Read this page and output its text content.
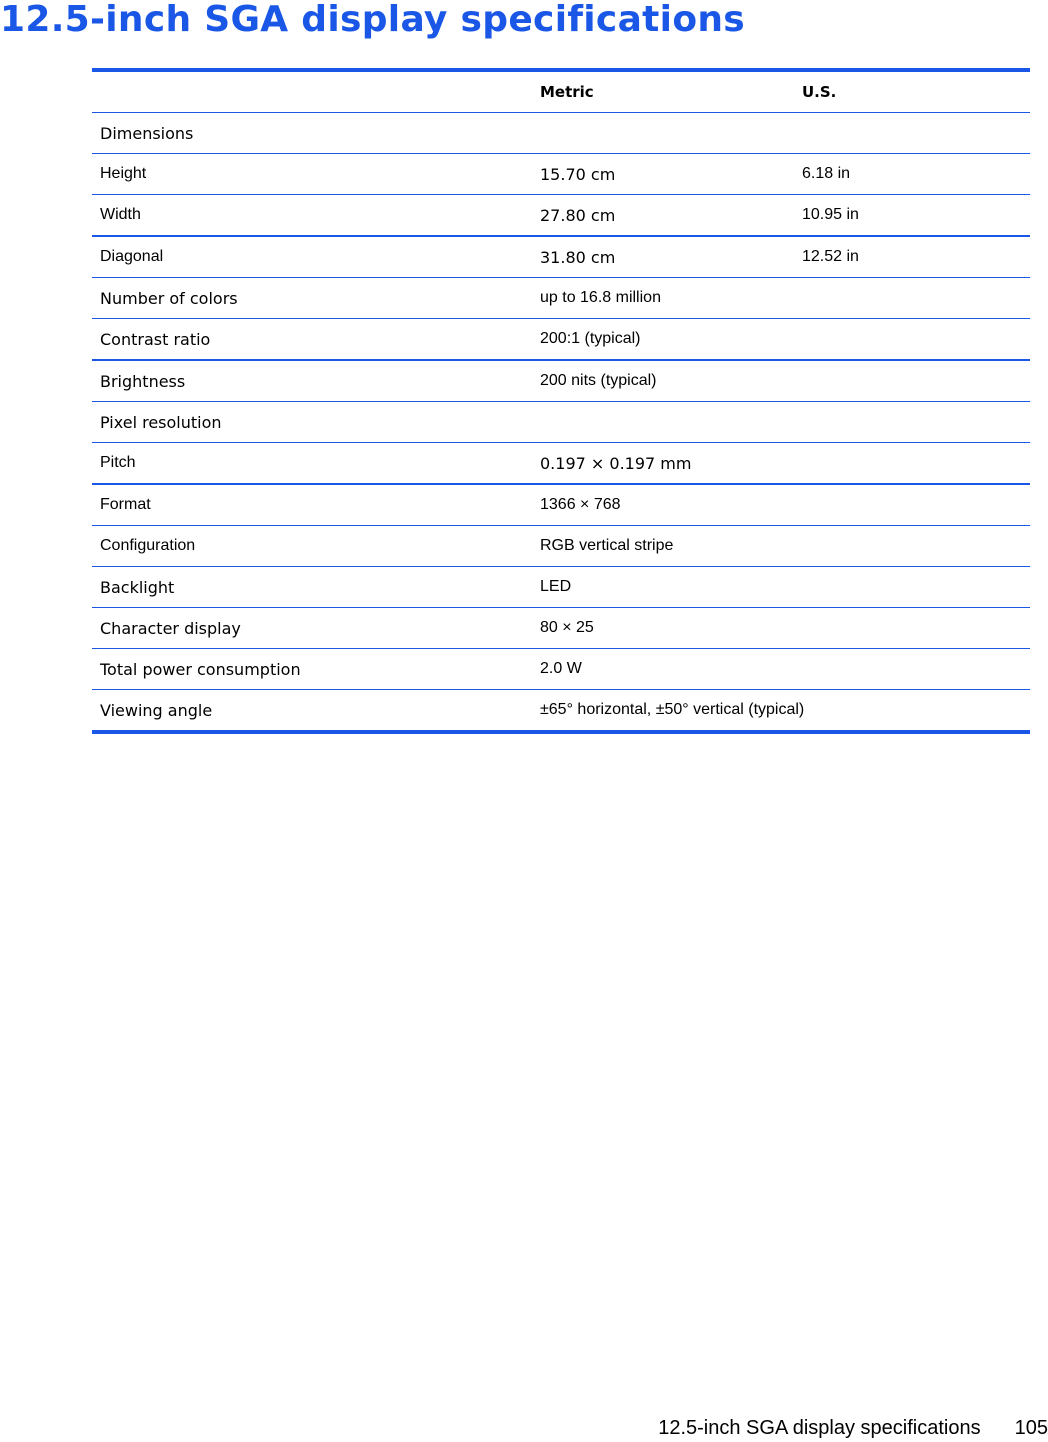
12.5-inch SGA display specifications
	Metric	U.S.
Dimensions		
Height	15.70 cm	6.18 in
Width	27.80 cm	10.95 in
Diagonal	31.80 cm	12.52 in
Number of colors	up to 16.8 million	
Contrast ratio	200:1 (typical)	
Brightness	200 nits (typical)	
Pixel resolution		
Pitch	0.197 × 0.197 mm	
Format	1366 × 768	
Configuration	RGB vertical stripe	
Backlight	LED	
Character display	80 × 25	
Total power consumption	2.0 W	
Viewing angle	±65° horizontal, ±50° vertical (typical)	
12.5-inch SGA display specifications 105
